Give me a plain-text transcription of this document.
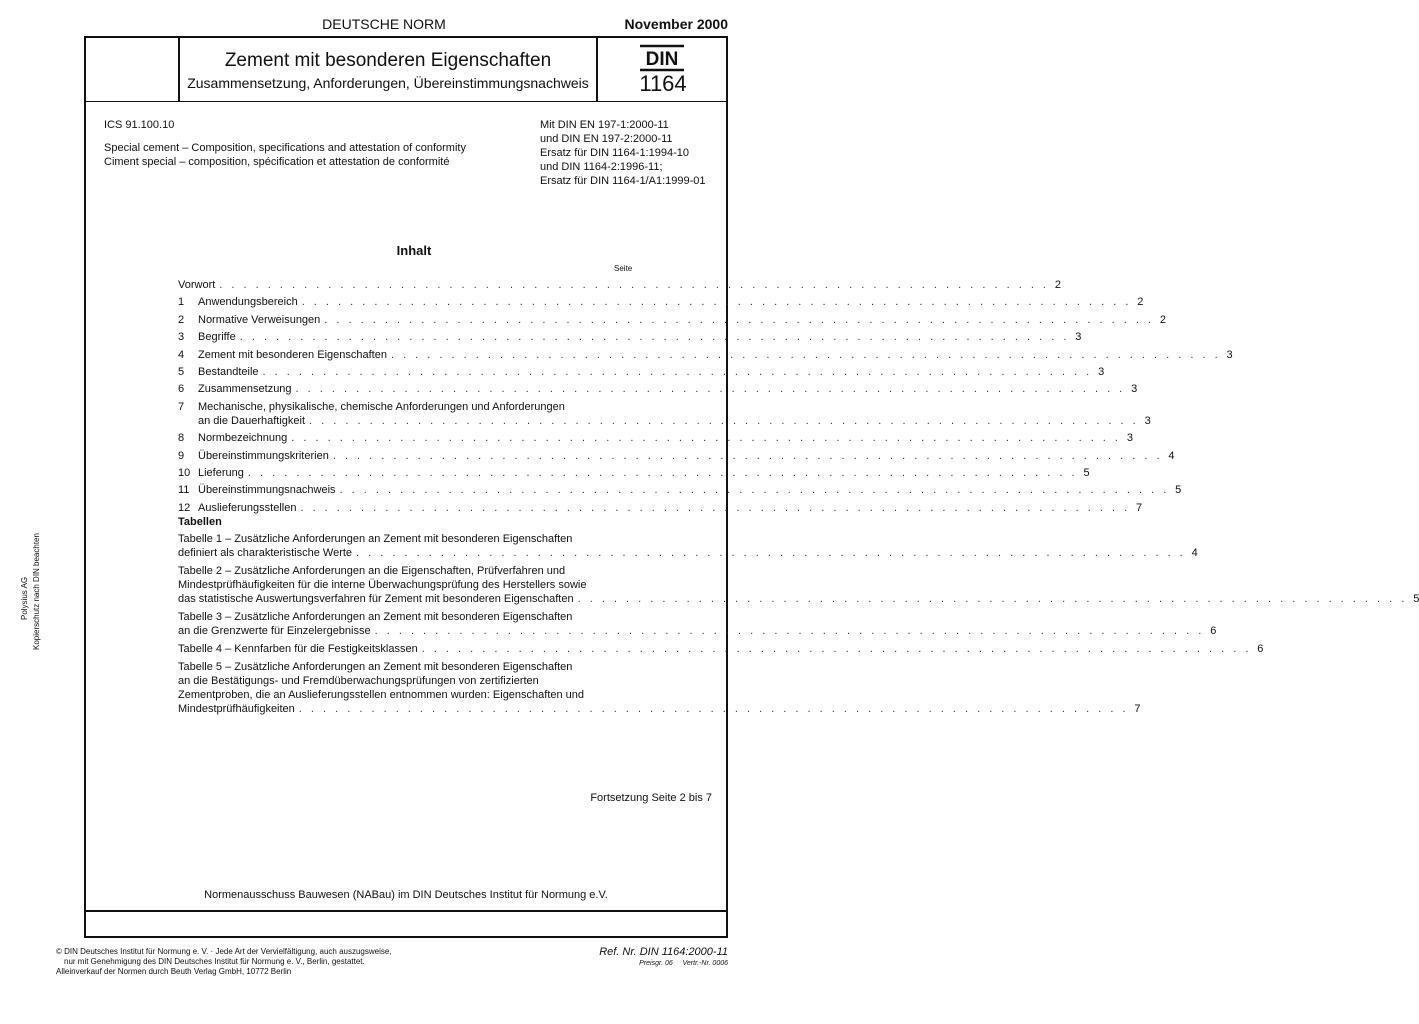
DEUTSCHE NORM	November 2000
Zement mit besonderen Eigenschaften
Zusammensetzung, Anforderungen, Übereinstimmungsnachweis
DIN
1164
ICS 91.100.10
Special cement – Composition, specifications and attestation of conformity
Ciment special – composition, spécification et attestation de conformité
Mit DIN EN 197-1:2000-11
und DIN EN 197-2:2000-11
Ersatz für DIN 1164-1:1994-10
und DIN 1164-2:1996-11;
Ersatz für DIN 1164-1/A1:1999-01
Inhalt
Seite
Vorwort . . . . . . . . . . . . . . . . . . . . . . . . . . . . . . . . . . . . . . . . . . . . . . . . . . . . . . . . . . . . . . . . . . . . . 2
1	Anwendungsbereich . . . . . . . . . . . . . . . . . . . . . . . . . . . . . . . . . . . . . . . . . . . . . . . . . . . . . . . . . . . . . . . . . . . . . 2
2	Normative Verweisungen . . . . . . . . . . . . . . . . . . . . . . . . . . . . . . . . . . . . . . . . . . . . . . . . . . . . . . . . . . . . . . . . . . . . . 2
3	Begriffe . . . . . . . . . . . . . . . . . . . . . . . . . . . . . . . . . . . . . . . . . . . . . . . . . . . . . . . . . . . . . . . . . . . . . 3
4	Zement mit besonderen Eigenschaften . . . . . . . . . . . . . . . . . . . . . . . . . . . . . . . . . . . . . . . . . . . . . . . . . . . . . . . . . . . . . . . . . . . . . 3
5	Bestandteile . . . . . . . . . . . . . . . . . . . . . . . . . . . . . . . . . . . . . . . . . . . . . . . . . . . . . . . . . . . . . . . . . . . . . 3
6	Zusammensetzung . . . . . . . . . . . . . . . . . . . . . . . . . . . . . . . . . . . . . . . . . . . . . . . . . . . . . . . . . . . . . . . . . . . . . 3
7	Mechanische, physikalische, chemische Anforderungen und Anforderungen
an die Dauerhaftigkeit . . . . . . . . . . . . . . . . . . . . . . . . . . . . . . . . . . . . . . . . . . . . . . . . . . . . . . . . . . . . . . . . . . . . . 3
8	Normbezeichnung . . . . . . . . . . . . . . . . . . . . . . . . . . . . . . . . . . . . . . . . . . . . . . . . . . . . . . . . . . . . . . . . . . . . . 3
9	Übereinstimmungskriterien . . . . . . . . . . . . . . . . . . . . . . . . . . . . . . . . . . . . . . . . . . . . . . . . . . . . . . . . . . . . . . . . . . . . . 4
10 Lieferung . . . . . . . . . . . . . . . . . . . . . . . . . . . . . . . . . . . . . . . . . . . . . . . . . . . . . . . . . . . . . . . . . . . . . 5
11 Übereinstimmungsnachweis . . . . . . . . . . . . . . . . . . . . . . . . . . . . . . . . . . . . . . . . . . . . . . . . . . . . . . . . . . . . . . . . . . . . . 5
12 Auslieferungsstellen . . . . . . . . . . . . . . . . . . . . . . . . . . . . . . . . . . . . . . . . . . . . . . . . . . . . . . . . . . . . . . . . . . . . . 7
Tabellen
Tabelle 1 – Zusätzliche Anforderungen an Zement mit besonderen Eigenschaften
definiert als charakteristische Werte . . . . . . . . . . . . . . . . . . . . . . . . . . . . . . . . . . . . . . . . . . . . . . . . . . . . . . . . . . . . . . . . . . . . . 4
Tabelle 2 – Zusätzliche Anforderungen an die Eigenschaften, Prüfverfahren und
Mindestprüfhäufigkeiten für die interne Überwachungsprüfung des Herstellers sowie
das statistische Auswertungsverfahren für Zement mit besonderen Eigenschaften . . . . . . . . . . . . . . . . . . . . . . . . . . . . . . . . . . . . . . . . . . . . . . . . . . . . . . . . . . . . . . . . . . . . . 5
Tabelle 3 – Zusätzliche Anforderungen an Zement mit besonderen Eigenschaften
an die Grenzwerte für Einzelergebnisse . . . . . . . . . . . . . . . . . . . . . . . . . . . . . . . . . . . . . . . . . . . . . . . . . . . . . . . . . . . . . . . . . . . . . 6
Tabelle 4 – Kennfarben für die Festigkeitsklassen . . . . . . . . . . . . . . . . . . . . . . . . . . . . . . . . . . . . . . . . . . . . . . . . . . . . . . . . . . . . . . . . . . . . . 6
Tabelle 5 – Zusätzliche Anforderungen an Zement mit besonderen Eigenschaften
an die Bestätigungs- und Fremdüberwachungsprüfungen von zertifizierten
Zementproben, die an Auslieferungsstellen entnommen wurden: Eigenschaften und
Mindestprüfhäufigkeiten . . . . . . . . . . . . . . . . . . . . . . . . . . . . . . . . . . . . . . . . . . . . . . . . . . . . . . . . . . . . . . . . . . . . . 7
Fortsetzung Seite 2 bis 7
Normenausschuss Bauwesen (NABau) im DIN Deutsches Institut für Normung e.V.
© DIN Deutsches Institut für Normung e. V. · Jede Art der Vervielfältigung, auch auszugsweise,
nur mit Genehmigung des DIN Deutsches Institut für Normung e. V., Berlin, gestattet.
Alleinverkauf der Normen durch Beuth Verlag GmbH, 10772 Berlin
Ref. Nr. DIN 1164:2000-11
Preisgr. 06 Vertr.-Nr. 0006
Polysius AG Kopierschutz nach DIN beachten
